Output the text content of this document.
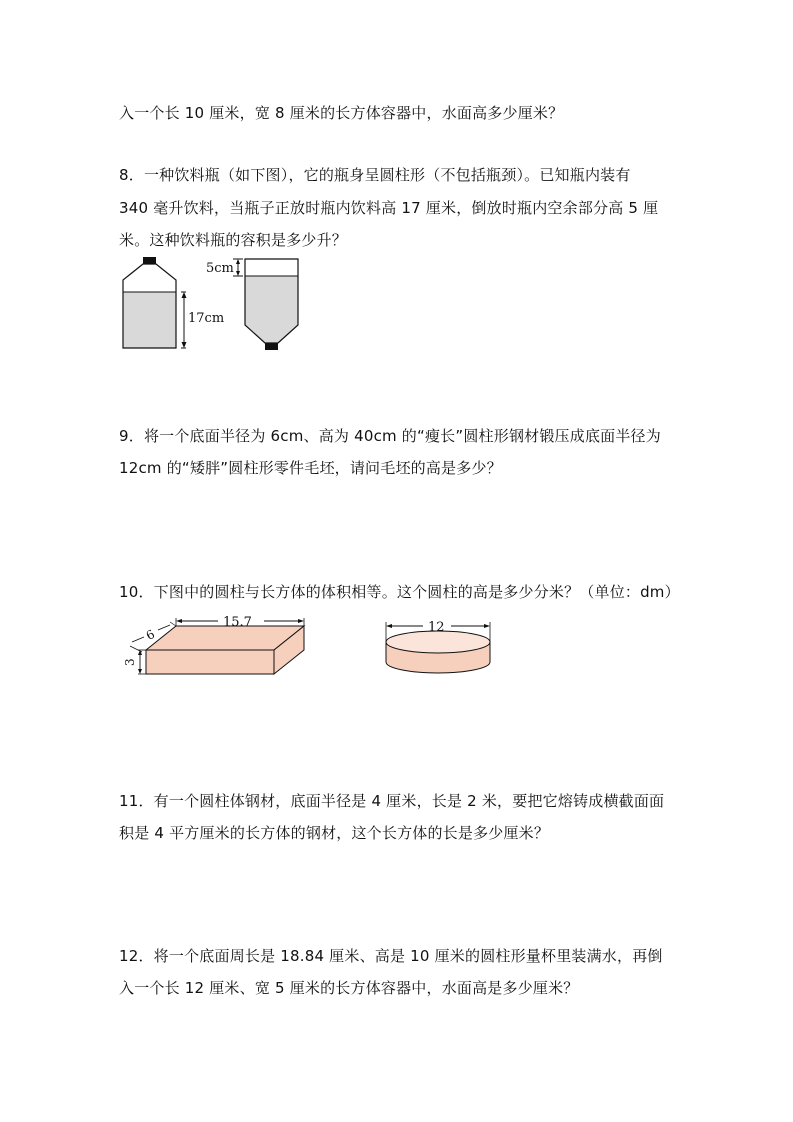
入一个长 10 厘米，宽 8 厘米的长方体容器中，水面高多少厘米？
8．一种饮料瓶（如下图），它的瓶身呈圆柱形（不包括瓶颈）。已知瓶内装有
340 毫升饮料，当瓶子正放时瓶内饮料高 17 厘米，倒放时瓶内空余部分高 5 厘
米。这种饮料瓶的容积是多少升？
17cm
5cm
9．将一个底面半径为 6cm、高为 40cm 的“瘦长”圆柱形钢材锻压成底面半径为
12cm 的“矮胖”圆柱形零件毛坯，请问毛坯的高是多少？
10．下图中的圆柱与长方体的体积相等。这个圆柱的高是多少分米？（单位：dm）
15.7
6
3
12
11．有一个圆柱体钢材，底面半径是 4 厘米，长是 2 米，要把它熔铸成横截面面
积是 4 平方厘米的长方体的钢材，这个长方体的长是多少厘米？
12．将一个底面周长是 18.84 厘米、高是 10 厘米的圆柱形量杯里装满水，再倒
入一个长 12 厘米、宽 5 厘米的长方体容器中，水面高是多少厘米？
